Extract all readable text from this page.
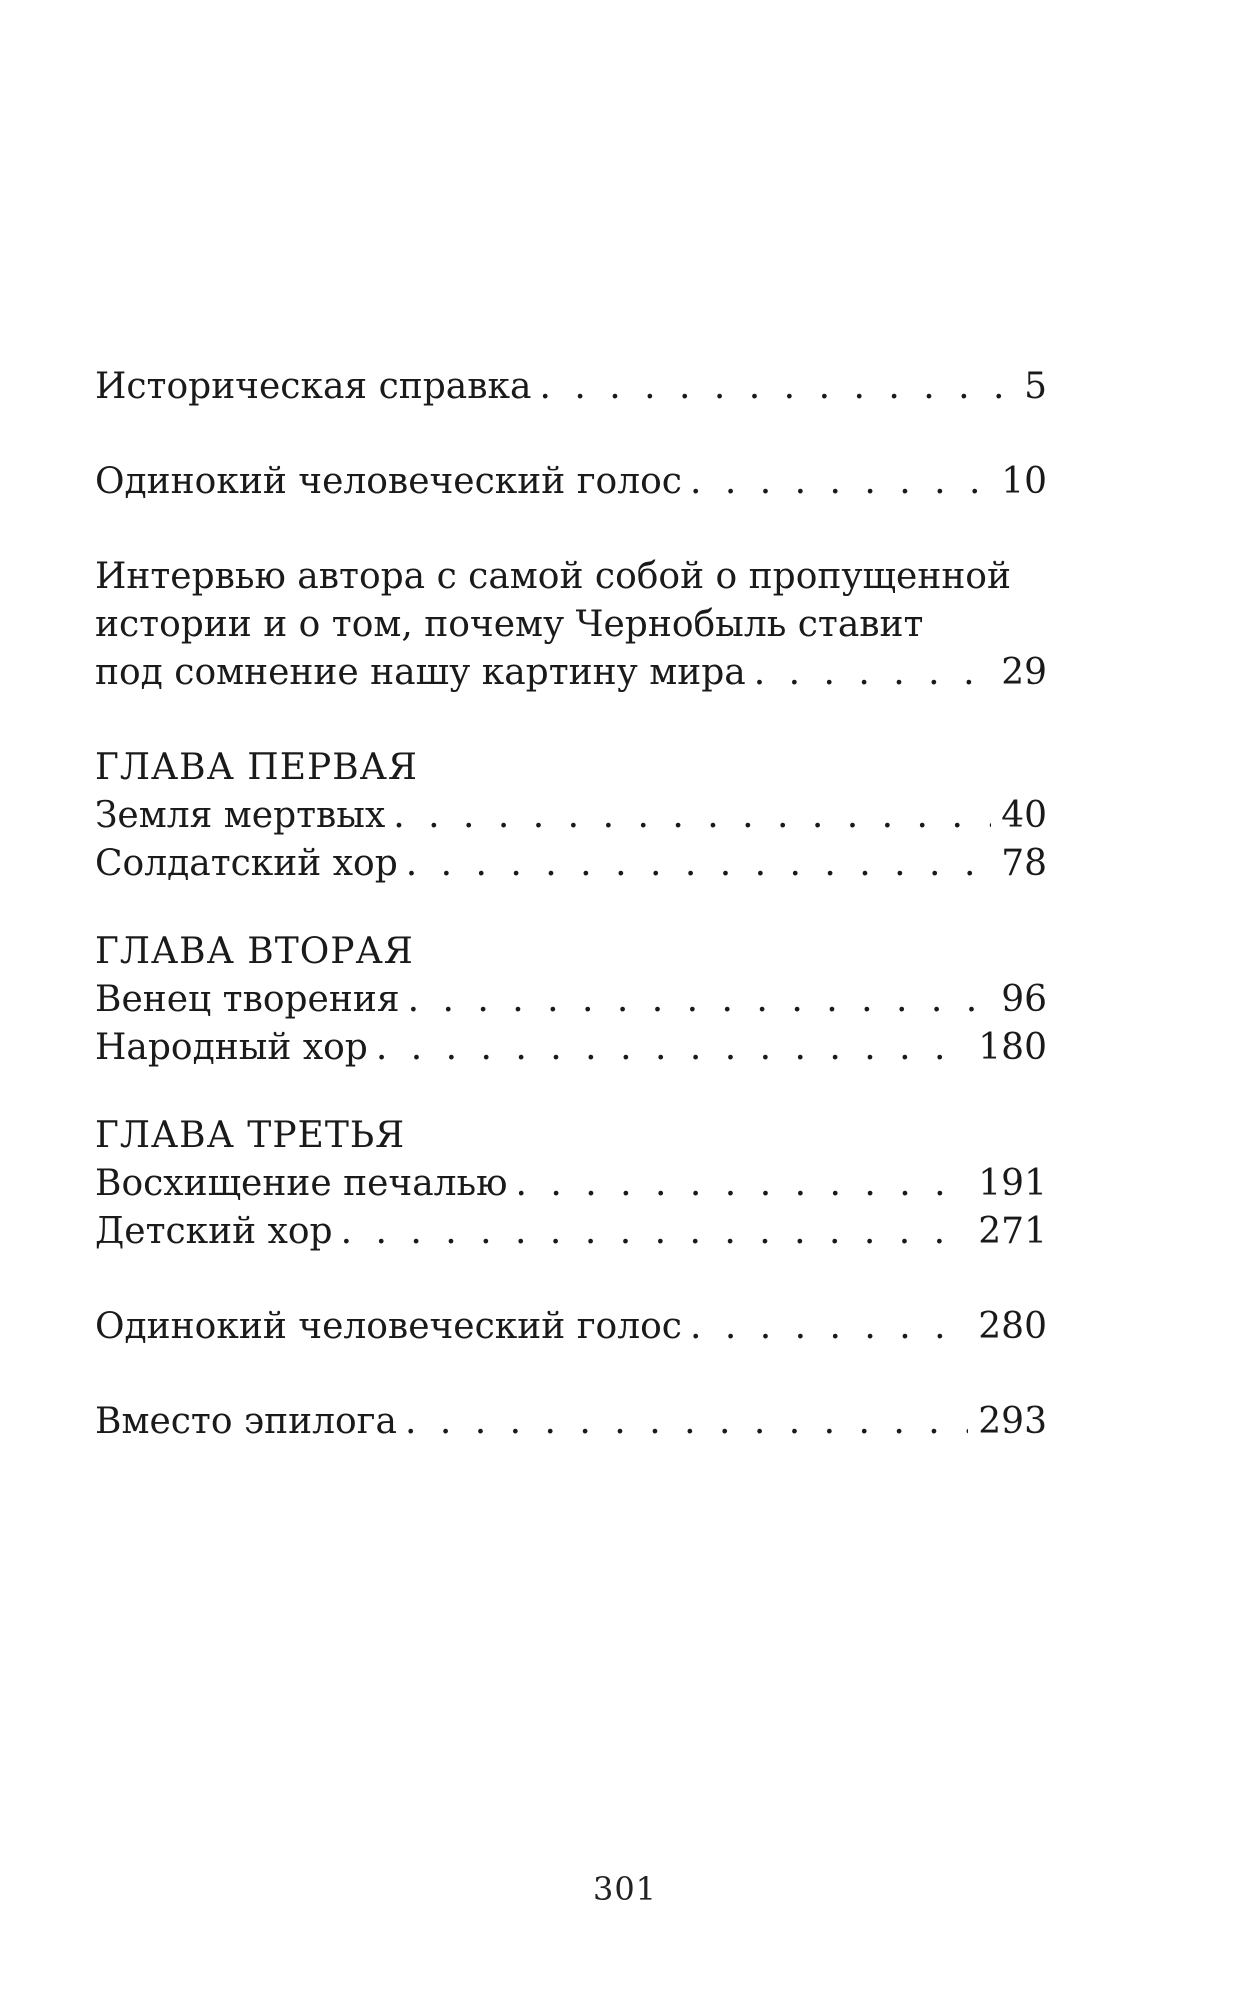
Историческая справка . . .	5
Одинокий человеческий голос . . .	10
Интервью автора с самой собой о пропущенной
истории и о том, почему Чернобыль ставит
под сомнение нашу картину мира . . .	29
ГЛАВА ПЕРВАЯ
Земля мертвых . . .	40
Солдатский хор . . .	78
ГЛАВА ВТОРАЯ
Венец творения . . .	96
Народный хор . . .	180
ГЛАВА ТРЕТЬЯ
Восхищение печалью . . .	191
Детский хор . . .	271
Одинокий человеческий голос . . .	280
Вместо эпилога . . .	293
301
